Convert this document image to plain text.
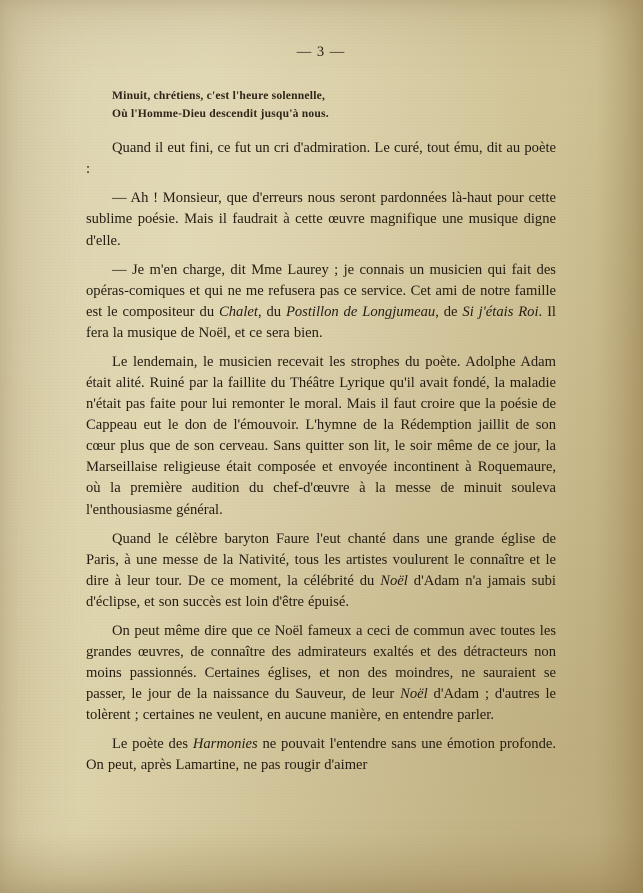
— 3 —
Minuit, chrétiens, c'est l'heure solennelle,
Où l'Homme-Dieu descendit jusqu'à nous.

Quand il eut fini, ce fut un cri d'admiration. Le curé, tout ému, dit au poète :

— Ah ! Monsieur, que d'erreurs nous seront pardonnées là-haut pour cette sublime poésie. Mais il faudrait à cette œuvre magnifique une musique digne d'elle.

— Je m'en charge, dit Mme Laurey ; je connais un musicien qui fait des opéras-comiques et qui ne me refusera pas ce service. Cet ami de notre famille est le compositeur du Chalet, du Postillon de Longjumeau, de Si j'étais Roi. Il fera la musique de Noël, et ce sera bien.

Le lendemain, le musicien recevait les strophes du poète. Adolphe Adam était alité. Ruiné par la faillite du Théâtre Lyrique qu'il avait fondé, la maladie n'était pas faite pour lui remonter le moral. Mais il faut croire que la poésie de Cappeau eut le don de l'émouvoir. L'hymne de la Rédemption jaillit de son cœur plus que de son cerveau. Sans quitter son lit, le soir même de ce jour, la Marseillaise religieuse était composée et envoyée incontinent à Roquemaure, où la première audition du chef-d'œuvre à la messe de minuit souleva l'enthousiasme général.

Quand le célèbre baryton Faure l'eut chanté dans une grande église de Paris, à une messe de la Nativité, tous les artistes voulurent le connaître et le dire à leur tour. De ce moment, la célébrité du Noël d'Adam n'a jamais subi d'éclipse, et son succès est loin d'être épuisé.

On peut même dire que ce Noël fameux a ceci de commun avec toutes les grandes œuvres, de connaître des admirateurs exaltés et des détracteurs non moins passionnés. Certaines églises, et non des moindres, ne sauraient se passer, le jour de la naissance du Sauveur, de leur Noël d'Adam ; d'autres le tolèrent ; certaines ne veulent, en aucune manière, en entendre parler.

Le poète des Harmonies ne pouvait l'entendre sans une émotion profonde. On peut, après Lamartine, ne pas rougir d'aimer
